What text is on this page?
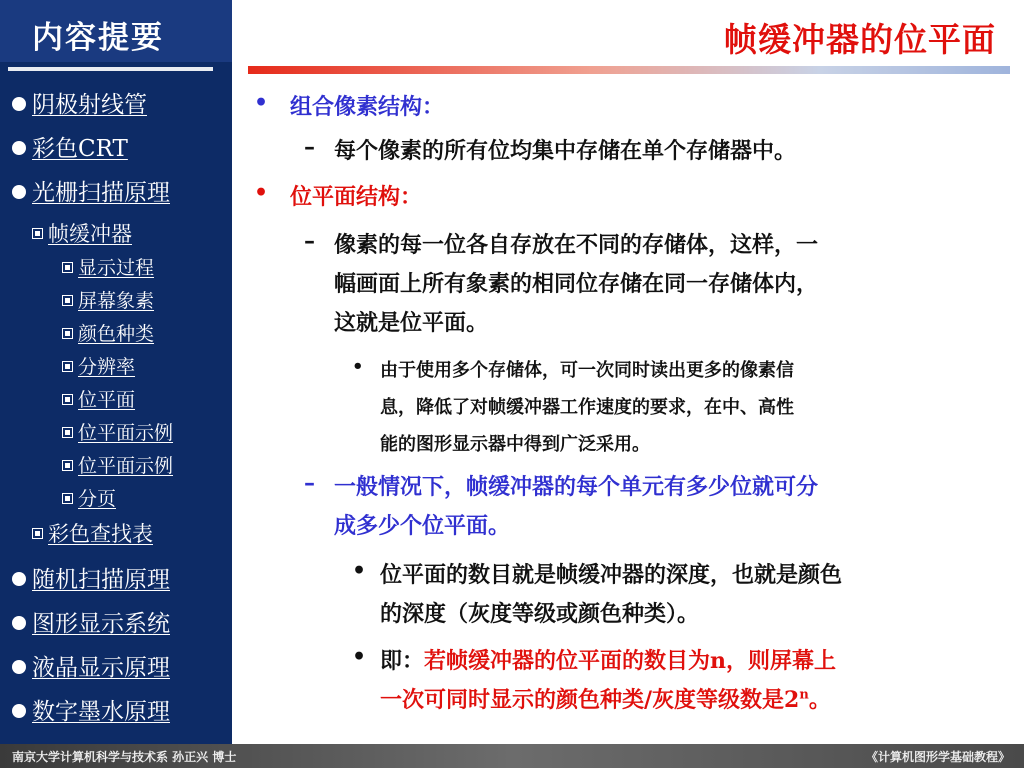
内容提要
阴极射线管
彩色CRT
光栅扫描原理
帧缓冲器
显示过程
屏幕象素
颜色种类
分辨率
位平面
位平面示例
位平面示例
分页
彩色查找表
随机扫描原理
图形显示系统
液晶显示原理
数字墨水原理
帧缓冲器的位平面
• 组合像素结构：
– 每个像素的所有位均集中存储在单个存储器中。
• 位平面结构：
– 像素的每一位各自存放在不同的存储体，这样，一
幅画面上所有象素的相同位存储在同一存储体内，
这就是位平面。
• 由于使用多个存储体，可一次同时读出更多的像素信
息，降低了对帧缓冲器工作速度的要求，在中、高性
能的图形显示器中得到广泛采用。
– 一般情况下，帧缓冲器的每个单元有多少位就可分
成多少个位平面。
• 位平面的数目就是帧缓冲器的深度，也就是颜色
的深度（灰度等级或颜色种类）。
• 即：若帧缓冲器的位平面的数目为n，则屏幕上
一次可同时显示的颜色种类/灰度等级数是2$^n$。
南京大学计算机科学与技术系 孙正兴 博士	《计算机图形学基础教程》
